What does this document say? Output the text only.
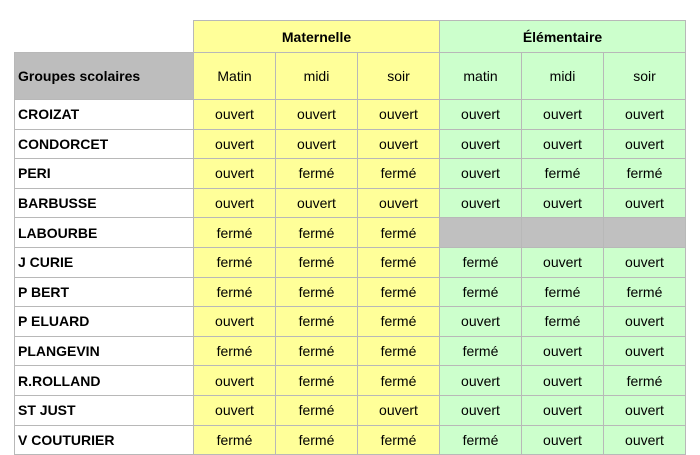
	Maternelle			Élémentaire		
Groupes scolaires	Matin	midi	soir	matin	midi	soir
CROIZAT	ouvert	ouvert	ouvert	ouvert	ouvert	ouvert
CONDORCET	ouvert	ouvert	ouvert	ouvert	ouvert	ouvert
PERI	ouvert	fermé	fermé	ouvert	fermé	fermé
BARBUSSE	ouvert	ouvert	ouvert	ouvert	ouvert	ouvert
LABOURBE	fermé	fermé	fermé			
J CURIE	fermé	fermé	fermé	fermé	ouvert	ouvert
P BERT	fermé	fermé	fermé	fermé	fermé	fermé
P ELUARD	ouvert	fermé	fermé	ouvert	fermé	ouvert
PLANGEVIN	fermé	fermé	fermé	fermé	ouvert	ouvert
R.ROLLAND	ouvert	fermé	fermé	ouvert	ouvert	fermé
ST JUST	ouvert	fermé	ouvert	ouvert	ouvert	ouvert
V COUTURIER	fermé	fermé	fermé	fermé	ouvert	ouvert
